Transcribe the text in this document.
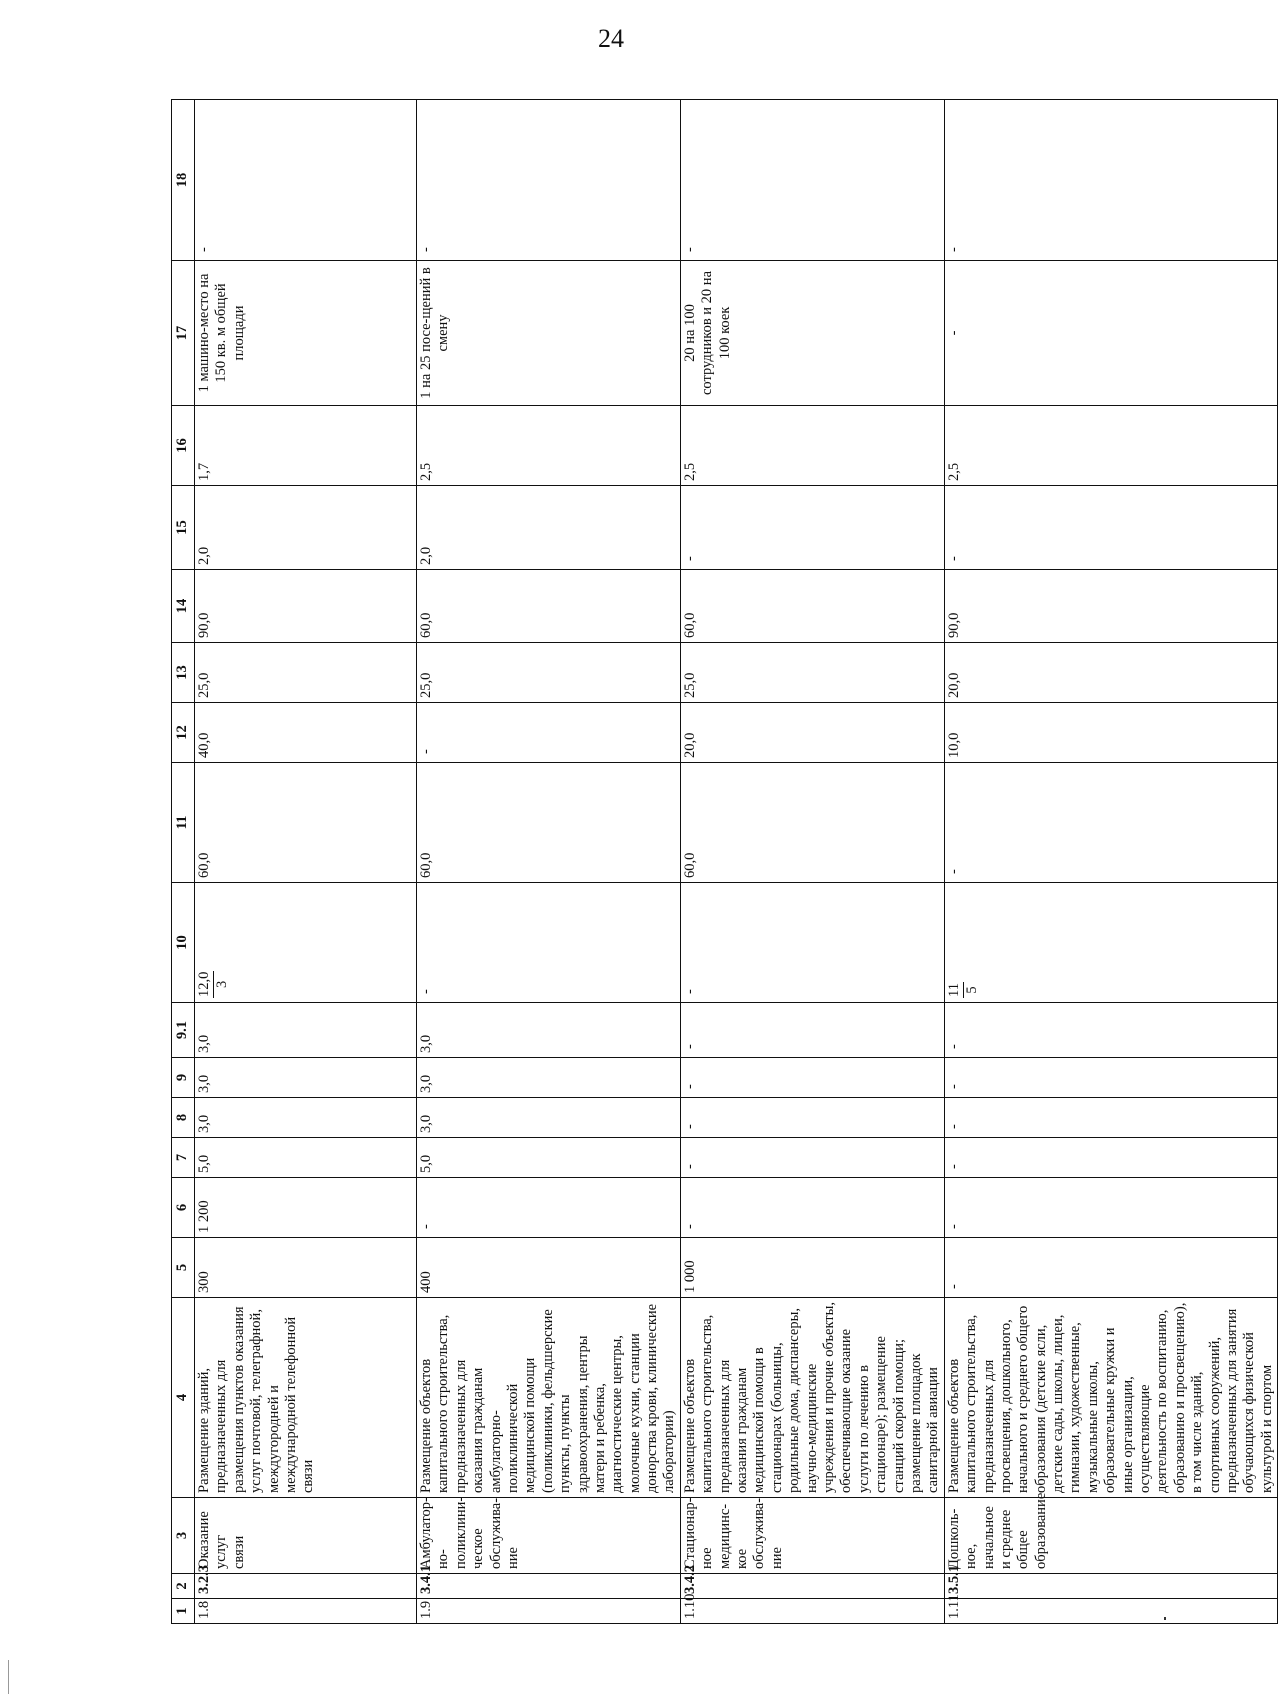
24
1	2	3	4	5	6	7	8	9	9.1	10	11	12	13	14	15	16	17	18
1.8	3.2.3	Оказание услуг связи	Размещение зданий, предназначенных для размещения пунктов оказания услуг почтовой, телеграфной, междугородней и международной телефонной связи	300	1 200	5,0	3,0	3,0	3,0	12,0 3	60,0	40,0	25,0	90,0	2,0	1,7	1 машино-место на 150 кв. м общей площади	-
1.9	3.4.1	Амбулатор-но-поликлини-ческое обслужива-ние	Размещение объектов капитального строительства, предназначенных для оказания гражданам амбулаторно-поликлинической медицинской помощи (поликлиники, фельдшерские пункты, пункты здравоохранения, центры матери и ребенка, диагностические центры, молочные кухни, станции донорства крови, клинические лаборатории)	400	-	5,0	3,0	3,0	3,0	-	60,0	-	25,0	60,0	2,0	2,5	1 на 25 посе-щений в смену	-
1.10	3.4.2	Стационар-ное медицинс-кое обслужива-ние	Размещение объектов капитального строительства, предназначенных для оказания гражданам медицинской помощи в стационарах (больницы, родильные дома, диспансеры, научно-медицинские учреждения и прочие объекты, обеспечивающие оказание услуги по лечению в стационаре); размещение станций скорой помощи; размещение площадок санитарной авиации	1 000	-	-	-	-	-	-	60,0	20,0	25,0	60,0	-	2,5	20 на 100 сотрудников и 20 на 100 коек	-
1.11	3.5.1	Дошколь-ное, начальное и среднее общее образование	Размещение объектов капитального строительства, предназначенных для просвещения, дошкольного, начального и среднего общего образования (детские ясли, детские сады, школы, лицеи, гимназии, художественные, музыкальные школы, образовательные кружки и иные организации, осуществляющие деятельность по воспитанию, образованию и просвещению), в том числе зданий, спортивных сооружений, предназначенных для занятия обучающихся физической культурой и спортом	-	-	-	-	-	-	11 5	-	10,0	20,0	90,0	-	2,5	-	-
